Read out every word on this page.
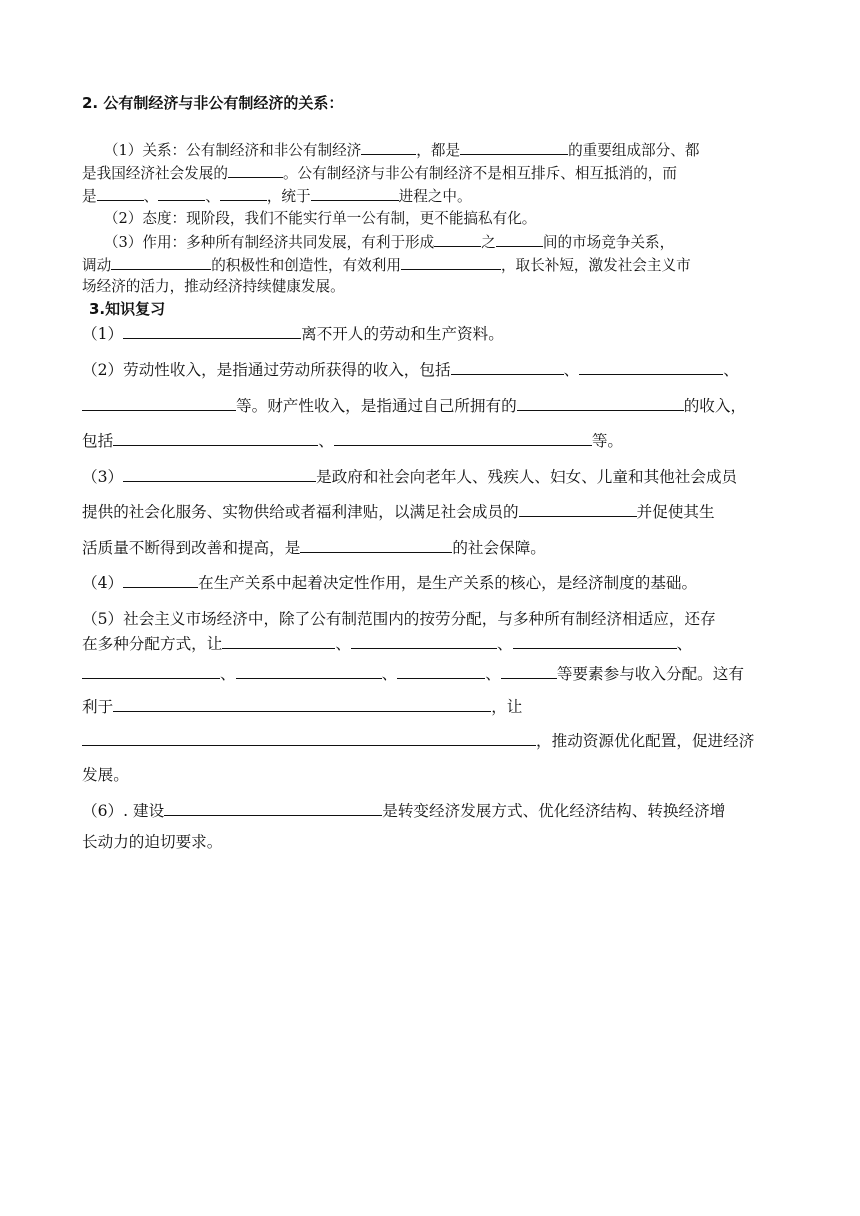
2. 公有制经济与非公有制经济的关系：
　　（1）关系：公有制经济和非公有制经济	，都是	的重要组成部分、都
是我国经济社会发展的	。公有制经济与非公有制经济不是相互排斥、相互抵消的，而
是	、	、	，统于	进程之中。
　　（2）态度：现阶段，我们不能实行单一公有制，更不能搞私有化。
　　（3）作用：多种所有制经济共同发展，有利于形成	之	间的市场竞争关系，
调动	的积极性和创造性，有效利用	，取长补短，激发社会主义市
场经济的活力，推动经济持续健康发展。
3.知识复习
（1）	离不开人的劳动和生产资料。
（2）劳动性收入，是指通过劳动所获得的收入，包括	、	、
等。财产性收入，是指通过自己所拥有的	的收入，
包括	、	等。
（3）	是政府和社会向老年人、残疾人、妇女、儿童和其他社会成员
提供的社会化服务、实物供给或者福利津贴，以满足社会成员的	并促使其生
活质量不断得到改善和提高，是	的社会保障。
（4）	在生产关系中起着决定性作用，是生产关系的核心，是经济制度的基础。
（5）社会主义市场经济中，除了公有制范围内的按劳分配，与多种所有制经济相适应，还存
在多种分配方式，让	、	、	、
、	、	、	等要素参与收入分配。这有
利于	，让
，推动资源优化配置，促进经济
发展。
（6）. 建设	是转变经济发展方式、优化经济结构、转换经济增
长动力的迫切要求。
